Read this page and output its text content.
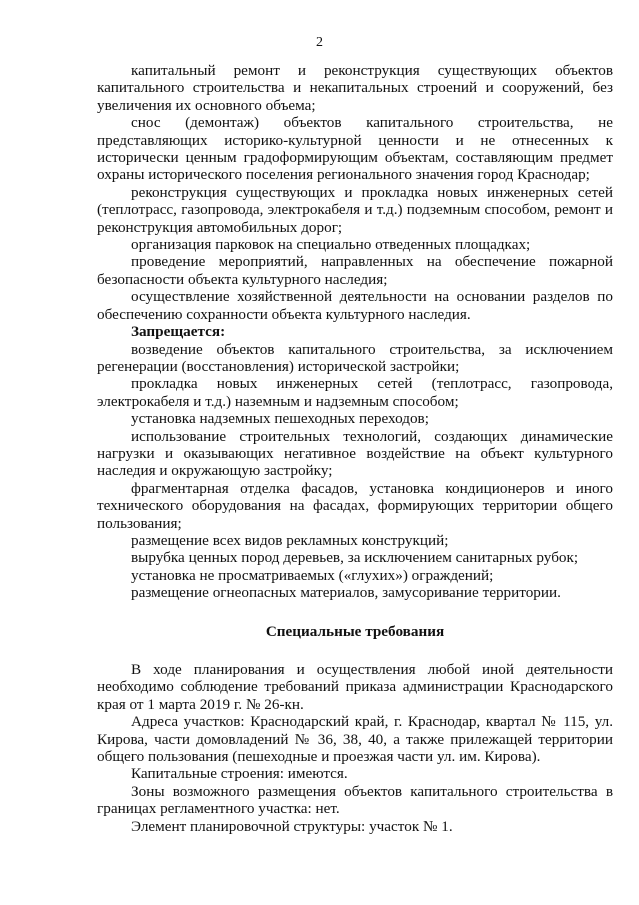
2

капитальный ремонт и реконструкция существующих объектов капитального строительства и некапитальных строений и сооружений, без увеличения их основного объема;

снос (демонтаж) объектов капитального строительства, не представляющих историко-культурной ценности и не отнесенных к исторически ценным градоформирующим объектам, составляющим предмет охраны исторического поселения регионального значения город Краснодар;

реконструкция существующих и прокладка новых инженерных сетей (теплотрасс, газопровода, электрокабеля и т.д.) подземным способом, ремонт и реконструкция автомобильных дорог;

организация парковок на специально отведенных площадках;

проведение мероприятий, направленных на обеспечение пожарной безопасности объекта культурного наследия;

осуществление хозяйственной деятельности на основании разделов по обеспечению сохранности объекта культурного наследия.

Запрещается:

возведение объектов капитального строительства, за исключением регенерации (восстановления) исторической застройки;

прокладка новых инженерных сетей (теплотрасс, газопровода, электрокабеля и т.д.) наземным и надземным способом;

установка надземных пешеходных переходов;

использование строительных технологий, создающих динамические нагрузки и оказывающих негативное воздействие на объект культурного наследия и окружающую застройку;

фрагментарная отделка фасадов, установка кондиционеров и иного технического оборудования на фасадах, формирующих территории общего пользования;

размещение всех видов рекламных конструкций;

вырубка ценных пород деревьев, за исключением санитарных рубок;

установка не просматриваемых («глухих») ограждений;

размещение огнеопасных материалов, замусоривание территории.

Специальные требования

В ходе планирования и осуществления любой иной деятельности необходимо соблюдение требований приказа администрации Краснодарского края от 1 марта 2019 г. № 26-кн.

Адреса участков: Краснодарский край, г. Краснодар, квартал № 115, ул. Кирова, части домовладений № 36, 38, 40, а также прилежащей территории общего пользования (пешеходные и проезжая части ул. им. Кирова).

Капитальные строения: имеются.

Зоны возможного размещения объектов капитального строительства в границах регламентного участка: нет.

Элемент планировочной структуры: участок № 1.
